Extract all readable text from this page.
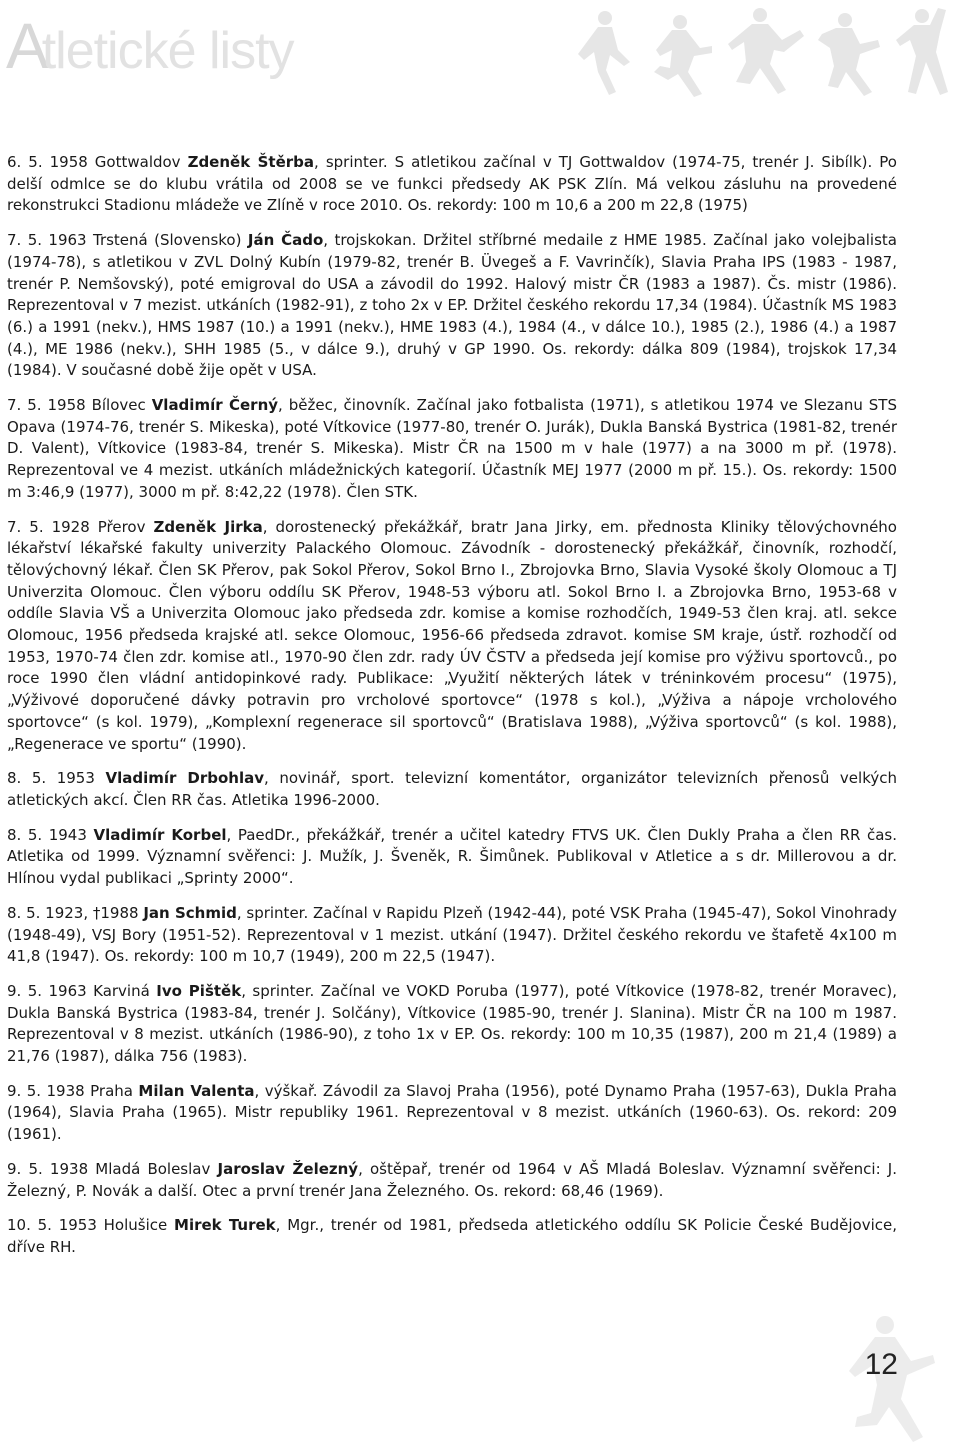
Atletické listy

6. 5. 1958 Gottwaldov Zdeněk Štěrba, sprinter. S atletikou začínal v TJ Gottwaldov (1974-75, trenér J. Sibílk). Po delší odmlce se do klubu vrátila od 2008 se ve funkci předsedy AK PSK Zlín. Má velkou zásluhu na provedené rekonstrukci Stadionu mládeže ve Zlíně v roce 2010. Os. rekordy: 100 m 10,6 a 200 m 22,8 (1975)

7. 5. 1963 Trstená (Slovensko) Ján Čado, trojskokan. Držitel stříbrné medaile z HME 1985. Začínal jako volejbalista (1974-78), s atletikou v ZVL Dolný Kubín (1979-82, trenér B. Üvegeš a F. Vavrinčík), Slavia Praha IPS (1983 - 1987, trenér P. Nemšovský), poté emigroval do USA a závodil do 1992. Halový mistr ČR (1983 a 1987). Čs. mistr (1986). Reprezentoval v 7 mezist. utkáních (1982-91), z toho 2x v EP. Držitel českého rekordu 17,34 (1984). Účastník MS 1983 (6.) a 1991 (nekv.), HMS 1987 (10.) a 1991 (nekv.), HME 1983 (4.), 1984 (4., v dálce 10.), 1985 (2.), 1986 (4.) a 1987 (4.), ME 1986 (nekv.), SHH 1985 (5., v dálce 9.), druhý v GP 1990. Os. rekordy: dálka 809 (1984), trojskok 17,34 (1984). V současné době žije opět v USA.

7. 5. 1958 Bílovec Vladimír Černý, běžec, činovník. Začínal jako fotbalista (1971), s atletikou 1974 ve Slezanu STS Opava (1974-76, trenér S. Mikeska), poté Vítkovice (1977-80, trenér O. Jurák), Dukla Banská Bystrica (1981-82, trenér D. Valent), Vítkovice (1983-84, trenér S. Mikeska). Mistr ČR na 1500 m v hale (1977) a na 3000 m př. (1978). Reprezentoval ve 4 mezist. utkáních mládežnických kategorií. Účastník MEJ 1977 (2000 m př. 15.). Os. rekordy: 1500 m 3:46,9 (1977), 3000 m př. 8:42,22 (1978). Člen STK.

7. 5. 1928 Přerov Zdeněk Jirka, dorostenecký překážkář, bratr Jana Jirky, em. přednosta Kliniky tělovýchovného lékařství lékařské fakulty univerzity Palackého Olomouc. Závodník - dorostenecký překážkář, činovník, rozhodčí, tělovýchovný lékař. Člen SK Přerov, pak Sokol Přerov, Sokol Brno I., Zbrojovka Brno, Slavia Vysoké školy Olomouc a TJ Univerzita Olomouc. Člen výboru oddílu SK Přerov, 1948-53 výboru atl. Sokol Brno I. a Zbrojovka Brno, 1953-68 v oddíle Slavia VŠ a Univerzita Olomouc jako předseda zdr. komise a komise rozhodčích, 1949-53 člen kraj. atl. sekce Olomouc, 1956 předseda krajské atl. sekce Olomouc, 1956-66 předseda zdravot. komise SM kraje, ústř. rozhodčí od 1953, 1970-74 člen zdr. komise atl., 1970-90 člen zdr. rady ÚV ČSTV a předseda její komise pro výživu sportovců., po roce 1990 člen vládní antidopinkové rady. Publikace: „Využití některých látek v tréninkovém procesu“ (1975), „Výživové doporučené dávky potravin pro vrcholové sportovce“ (1978 s kol.), „Výživa a nápoje vrcholového sportovce“ (s kol. 1979), „Komplexní regenerace sil sportovců“ (Bratislava 1988), „Výživa sportovců“ (s kol. 1988), „Regenerace ve sportu“ (1990).

8. 5. 1953 Vladimír Drbohlav, novinář, sport. televizní komentátor, organizátor televizních přenosů velkých atletických akcí. Člen RR čas. Atletika 1996-2000.

8. 5. 1943 Vladimír Korbel, PaedDr., překážkář, trenér a učitel katedry FTVS UK. Člen Dukly Praha a člen RR čas. Atletika od 1999. Významní svěřenci: J. Mužík, J. Šveněk, R. Šimůnek. Publikoval v Atletice a s dr. Millerovou a dr. Hlínou vydal publikaci „Sprinty 2000“.

8. 5. 1923, †1988 Jan Schmid, sprinter. Začínal v Rapidu Plzeň (1942-44), poté VSK Praha (1945-47), Sokol Vinohrady (1948-49), VSJ Bory (1951-52). Reprezentoval v 1 mezist. utkání (1947). Držitel českého rekordu ve štafetě 4x100 m 41,8 (1947). Os. rekordy: 100 m 10,7 (1949), 200 m 22,5 (1947).

9. 5. 1963 Karviná Ivo Pištěk, sprinter. Začínal ve VOKD Poruba (1977), poté Vítkovice (1978-82, trenér Moravec), Dukla Banská Bystrica (1983-84, trenér J. Solčány), Vítkovice (1985-90, trenér J. Slanina). Mistr ČR na 100 m 1987. Reprezentoval v 8 mezist. utkáních (1986-90), z toho 1x v EP. Os. rekordy: 100 m 10,35 (1987), 200 m 21,4 (1989) a 21,76 (1987), dálka 756 (1983).

9. 5. 1938 Praha Milan Valenta, výškař. Závodil za Slavoj Praha (1956), poté Dynamo Praha (1957-63), Dukla Praha (1964), Slavia Praha (1965). Mistr republiky 1961. Reprezentoval v 8 mezist. utkáních (1960-63). Os. rekord: 209 (1961).

9. 5. 1938 Mladá Boleslav Jaroslav Železný, oštěpař, trenér od 1964 v AŠ Mladá Boleslav. Významní svěřenci: J. Železný, P. Novák a další. Otec a první trenér Jana Železného. Os. rekord: 68,46 (1969).

10. 5. 1953 Holušice Mirek Turek, Mgr., trenér od 1981, předseda atletického oddílu SK Policie České Budějovice, dříve RH.

12
